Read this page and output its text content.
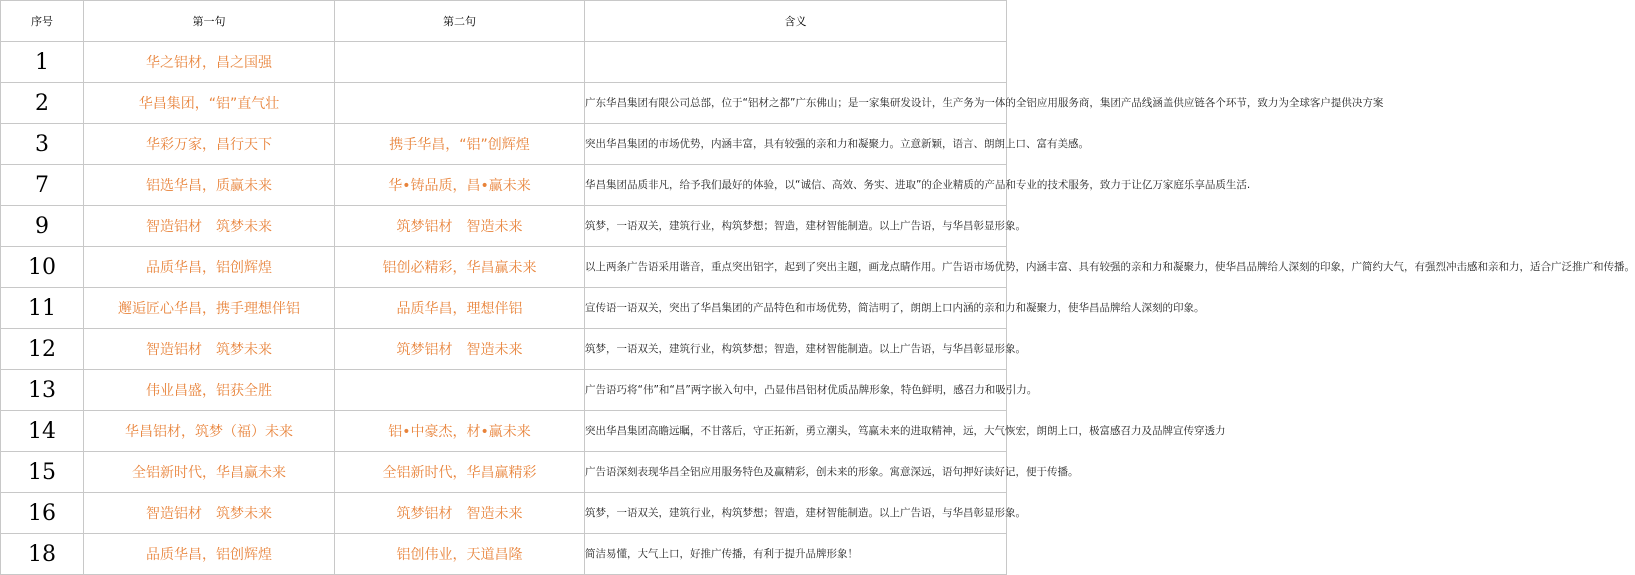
序号	第一句	第二句	含义
1	华之铝材，昌之国强		

2	华昌集团，“铝”直气壮		广东华昌集团有限公司总部，位于“铝材之都”广东佛山；是一家集研发设计，生产务为一体的全铝应用服务商，集团产品线涵盖供应链各个环节，致力为全球客户提供决方案

3	华彩万家，昌行天下	携手华昌，“铝”创辉煌	突出华昌集团的市场优势，内涵丰富，具有较强的亲和力和凝聚力。立意新颖，语言、朗朗上口、富有美感。

7	铝选华昌，质赢未来	华•铸品质，昌•赢未来	华昌集团品质非凡，给予我们最好的体验，以“诚信、高效、务实、进取”的企业精质的产品和专业的技术服务，致力于让亿万家庭乐享品质生活.

9	智造铝材　筑梦未来	筑梦铝材　智造未来	筑梦，一语双关，建筑行业，构筑梦想；智造，建材智能制造。以上广告语，与华昌彰显形象。

10	品质华昌，铝创辉煌	铝创必精彩，华昌赢未来	以上两条广告语采用谐音，重点突出铝字，起到了突出主题，画龙点睛作用。广告语市场优势，内涵丰富、具有较强的亲和力和凝聚力，使华昌品牌给人深刻的印象，广简约大气，有强烈冲击感和亲和力，适合广泛推广和传播。

11	邂逅匠心华昌，携手理想伴铝	品质华昌，理想伴铝	宣传语一语双关，突出了华昌集团的产品特色和市场优势，简洁明了，朗朗上口内涵的亲和力和凝聚力，使华昌品牌给人深刻的印象。

12	智造铝材　筑梦未来	筑梦铝材　智造未来	筑梦，一语双关，建筑行业，构筑梦想；智造，建材智能制造。以上广告语，与华昌彰显形象。

13	伟业昌盛，铝获全胜		广告语巧将“伟”和“昌”两字嵌入句中，凸显伟昌铝材优质品牌形象，特色鲜明，感召力和吸引力。

14	华昌铝材，筑梦（福）未来	铝•中豪杰，材•赢未来	突出华昌集团高瞻远瞩，不甘落后，守正拓新，勇立潮头，笃赢未来的进取精神，远，大气恢宏，朗朗上口，极富感召力及品牌宣传穿透力

15	全铝新时代，华昌赢未来	全铝新时代，华昌赢精彩	广告语深刻表现华昌全铝应用服务特色及赢精彩，创未来的形象。寓意深远，语句押好读好记，便于传播。

16	智造铝材　筑梦未来	筑梦铝材　智造未来	筑梦，一语双关，建筑行业，构筑梦想；智造，建材智能制造。以上广告语，与华昌彰显形象。

18	品质华昌，铝创辉煌	铝创伟业，天道昌隆	简洁易懂，大气上口，好推广传播，有利于提升品牌形象！
